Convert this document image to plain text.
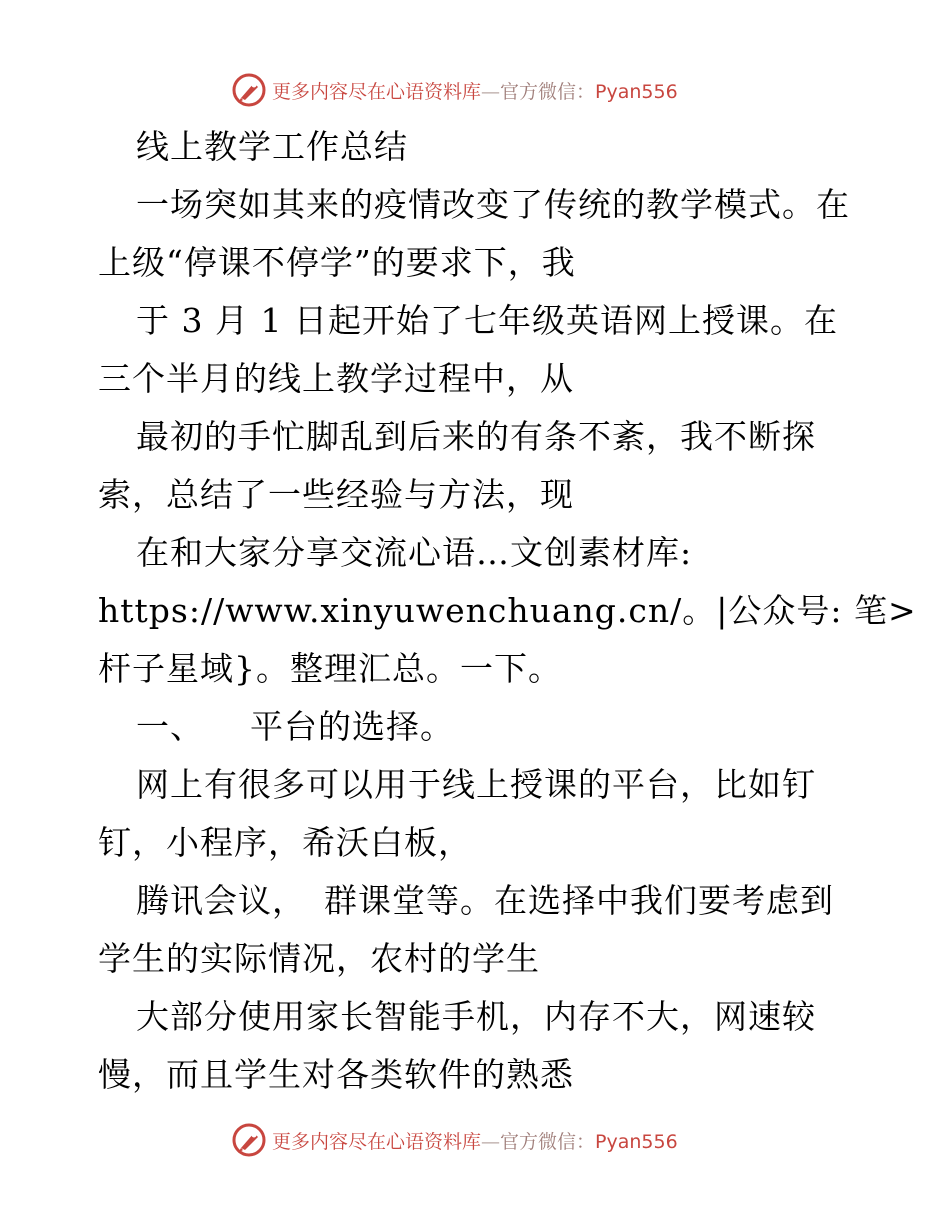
更多内容尽在心语资料库—官方微信：Pyan556
线上教学工作总结
一场突如其来的疫情改变了传统的教学模式。在
上级“停课不停学”的要求下，我
于 3 月 1 日起开始了七年级英语网上授课。在
三个半月的线上教学过程中，从
最初的手忙脚乱到后来的有条不紊，我不断探
索，总结了一些经验与方法，现
在和大家分享交流心语…文创素材库:
https://www.xinyuwenchuang.cn/。|公众号: 笔>
杆子星域}。整理汇总。一下。
一、 平台的选择。
网上有很多可以用于线上授课的平台，比如钉
钉，小程序，希沃白板，
腾讯会议， 群课堂等。在选择中我们要考虑到
学生的实际情况，农村的学生
大部分使用家长智能手机，内存不大，网速较
慢，而且学生对各类软件的熟悉
更多内容尽在心语资料库—官方微信：Pyan556
